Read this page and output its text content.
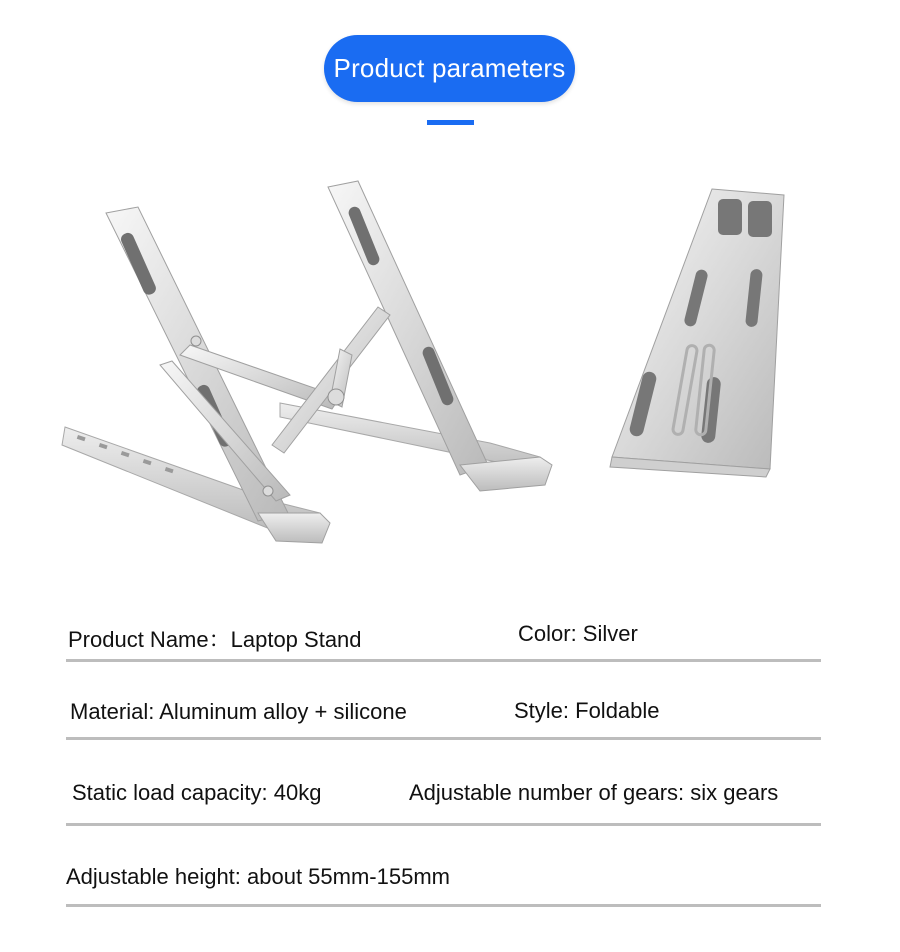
Product parameters
Product Name：Laptop Stand	Color: Silver
Material: Aluminum alloy + silicone	Style: Foldable
Static load capacity: 40kg	Adjustable number of gears: six gears
Adjustable height: about 55mm-155mm
